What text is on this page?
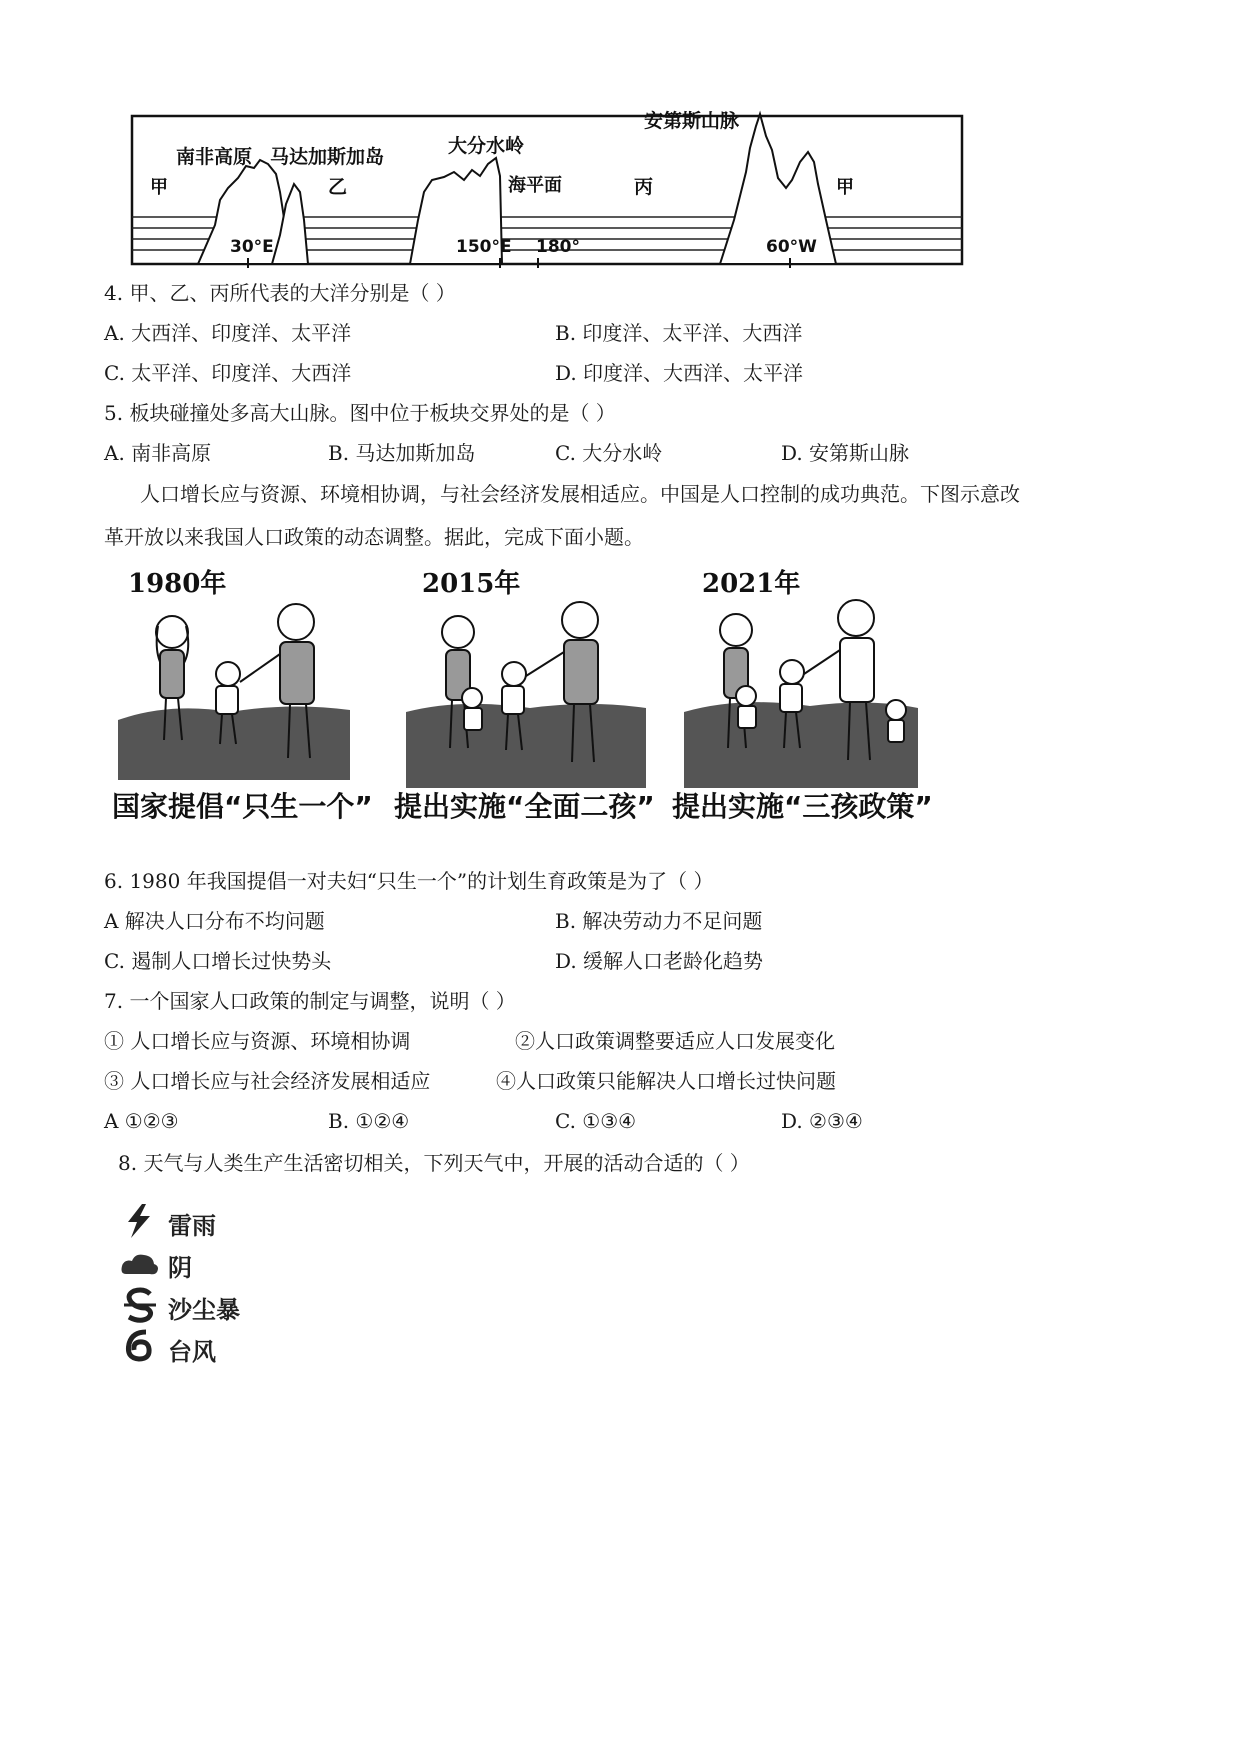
南非高原 马达加斯加岛	大分水岭
安第斯山脉
海平面
甲	乙	丙	甲
30°E	150°E 180°	60°W
4. 甲、乙、丙所代表的大洋分别是（ ）
A. 大西洋、印度洋、太平洋	B. 印度洋、太平洋、大西洋
C. 太平洋、印度洋、大西洋	D. 印度洋、大西洋、太平洋
5. 板块碰撞处多高大山脉。图中位于板块交界处的是（ ）
A. 南非高原	B. 马达加斯加岛	C. 大分水岭	D. 安第斯山脉
人口增长应与资源、环境相协调，与社会经济发展相适应。中国是人口控制的成功典范。下图示意改
革开放以来我国人口政策的动态调整。据此，完成下面小题。
1980年
国家提倡“只生一个”
2015年
提出实施“全面二孩”
2021年
提出实施“三孩政策”
6. 1980 年我国提倡一对夫妇“只生一个”的计划生育政策是为了（ ）
A 解决人口分布不均问题	B. 解决劳动力不足问题
C. 遏制人口增长过快势头	D. 缓解人口老龄化趋势
7. 一个国家人口政策的制定与调整，说明（ ）
① 人口增长应与资源、环境相协调	②人口政策调整要适应人口发展变化
③ 人口增长应与社会经济发展相适应	④人口政策只能解决人口增长过快问题
A ①②③	B. ①②④	C. ①③④	D. ②③④
8. 天气与人类生产生活密切相关，下列天气中，开展的活动合适的（ ）
雷雨
阴
沙尘暴
台风
